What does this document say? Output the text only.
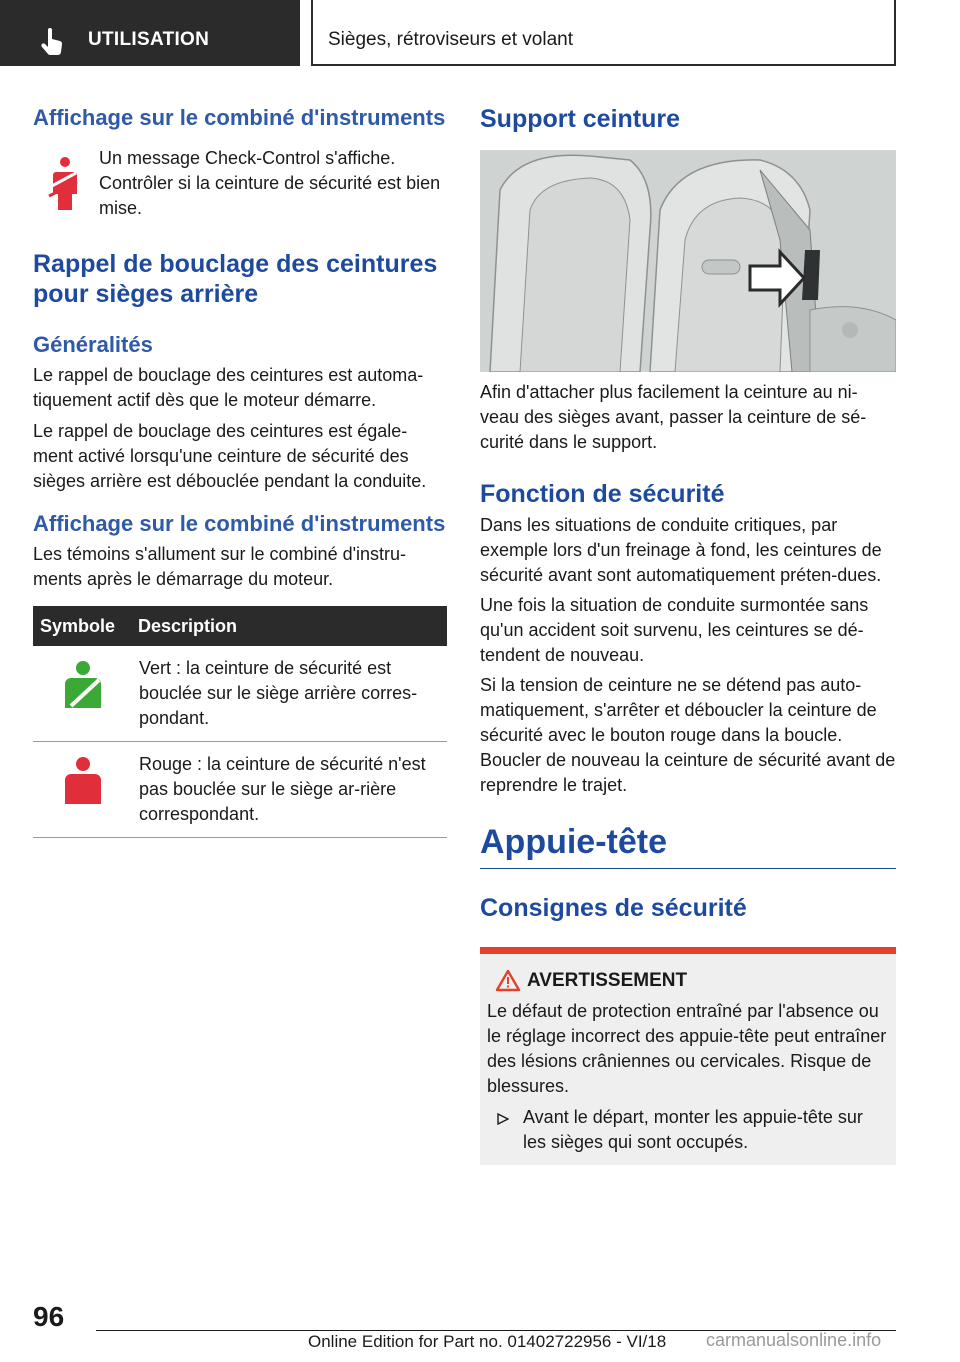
UTILISATION	Sièges, rétroviseurs et volant
Affichage sur le combiné d'instruments

Un message Check-Control s'affiche. Contrôler si la ceinture de sécurité est bien mise.

Rappel de bouclage des ceintures pour sièges arrière
Généralités

Le rappel de bouclage des ceintures est automa-tiquement actif dès que le moteur démarre.

Le rappel de bouclage des ceintures est égale-ment activé lorsqu'une ceinture de sécurité des sièges arrière est débouclée pendant la conduite.

Affichage sur le combiné d'instruments

Les témoins s'allument sur le combiné d'instru-ments après le démarrage du moteur.

Symbole	Description

	Vert : la ceinture de sécurité est bouclée sur le siège arrière corres-pondant.

	Rouge : la ceinture de sécurité n'est pas bouclée sur le siège ar-rière correspondant.
Support ceinture

Afin d'attacher plus facilement la ceinture au ni-veau des sièges avant, passer la ceinture de sé-curité dans le support.

Fonction de sécurité

Dans les situations de conduite critiques, par exemple lors d'un freinage à fond, les ceintures de sécurité avant sont automatiquement préten-dues.

Une fois la situation de conduite surmontée sans qu'un accident soit survenu, les ceintures se dé-tendent de nouveau.

Si la tension de ceinture ne se détend pas auto-matiquement, s'arrêter et déboucler la ceinture de sécurité avec le bouton rouge dans la boucle. Boucler de nouveau la ceinture de sécurité avant de reprendre le trajet.

Appuie-tête
Consignes de sécurité
AVERTISSEMENT

Le défaut de protection entraîné par l'absence ou le réglage incorrect des appuie-tête peut entraîner des lésions crâniennes ou cervicales. Risque de blessures.

Avant le départ, monter les appuie-tête sur les sièges qui sont occupés.

96
Online Edition for Part no. 01402722956 - VI/18 carmanualsonline.info
